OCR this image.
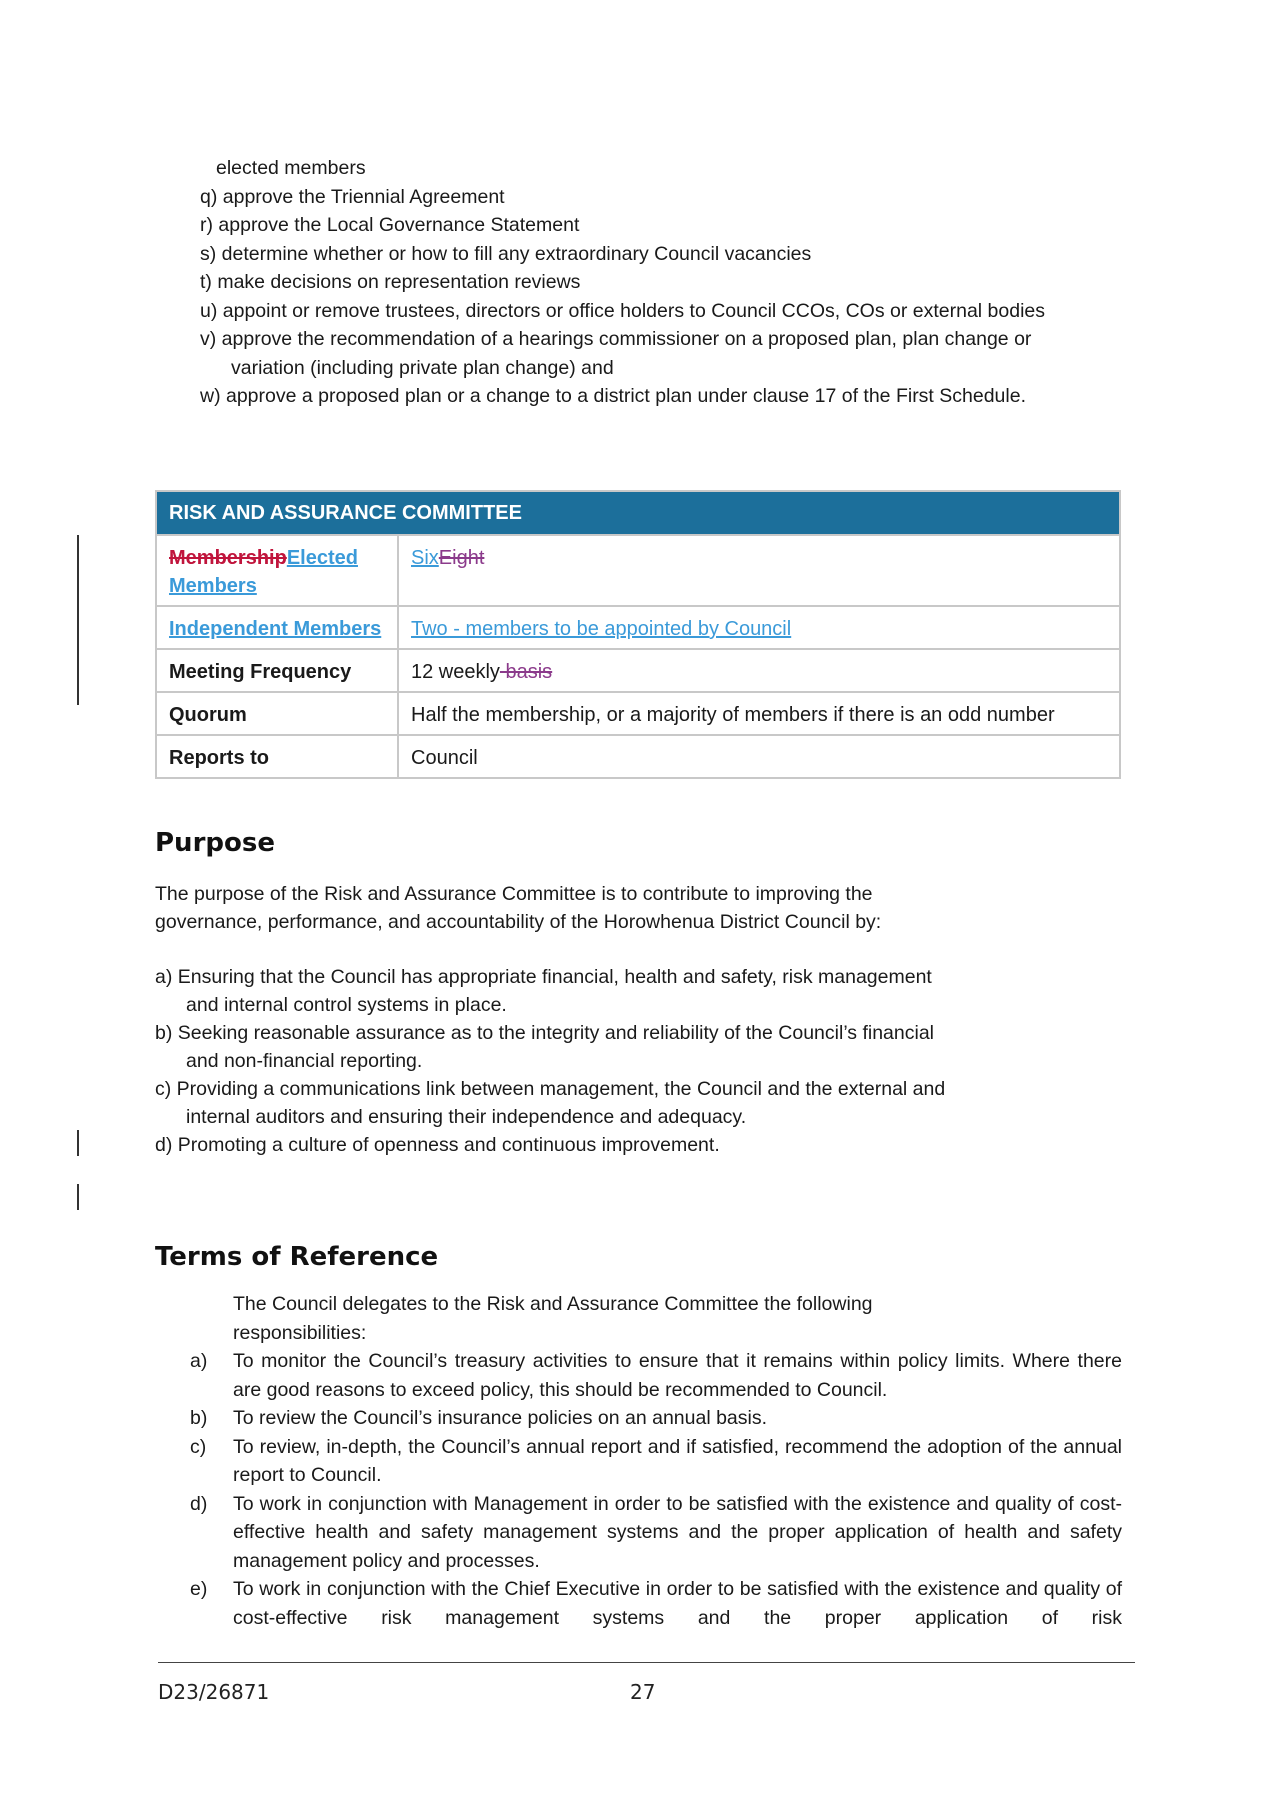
elected members
q) approve the Triennial Agreement
r) approve the Local Governance Statement
s) determine whether or how to fill any extraordinary Council vacancies
t) make decisions on representation reviews
u) appoint or remove trustees, directors or office holders to Council CCOs, COs or external bodies
v) approve the recommendation of a hearings commissioner on a proposed plan, plan change or variation (including private plan change) and
w) approve a proposed plan or a change to a district plan under clause 17 of the First Schedule.
RISK AND ASSURANCE COMMITTEE	
MembershipElected Members	SixEight
Independent Members	Two - members to be appointed by Council
Meeting Frequency	12 weekly basis
Quorum	Half the membership, or a majority of members if there is an odd number
Reports to	Council
Purpose
The purpose of the Risk and Assurance Committee is to contribute to improving the governance, performance, and accountability of the Horowhenua District Council by:
a) Ensuring that the Council has appropriate financial, health and safety, risk management and internal control systems in place.
b) Seeking reasonable assurance as to the integrity and reliability of the Council’s financial and non-financial reporting.
c) Providing a communications link between management, the Council and the external and internal auditors and ensuring their independence and adequacy.
d) Promoting a culture of openness and continuous improvement.
Terms of Reference
The Council delegates to the Risk and Assurance Committee the following responsibilities:
a)	To monitor the Council’s treasury activities to ensure that it remains within policy limits. Where there are good reasons to exceed policy, this should be recommended to Council.
b)	To review the Council’s insurance policies on an annual basis.
c)	To review, in-depth, the Council’s annual report and if satisfied, recommend the adoption of the annual report to Council.
d)	To work in conjunction with Management in order to be satisfied with the existence and quality of cost-effective health and safety management systems and the proper application of health and safety management policy and processes.
e)	To work in conjunction with the Chief Executive in order to be satisfied with the existence and quality of cost-effective risk management systems and the proper application of risk
D23/26871	27
